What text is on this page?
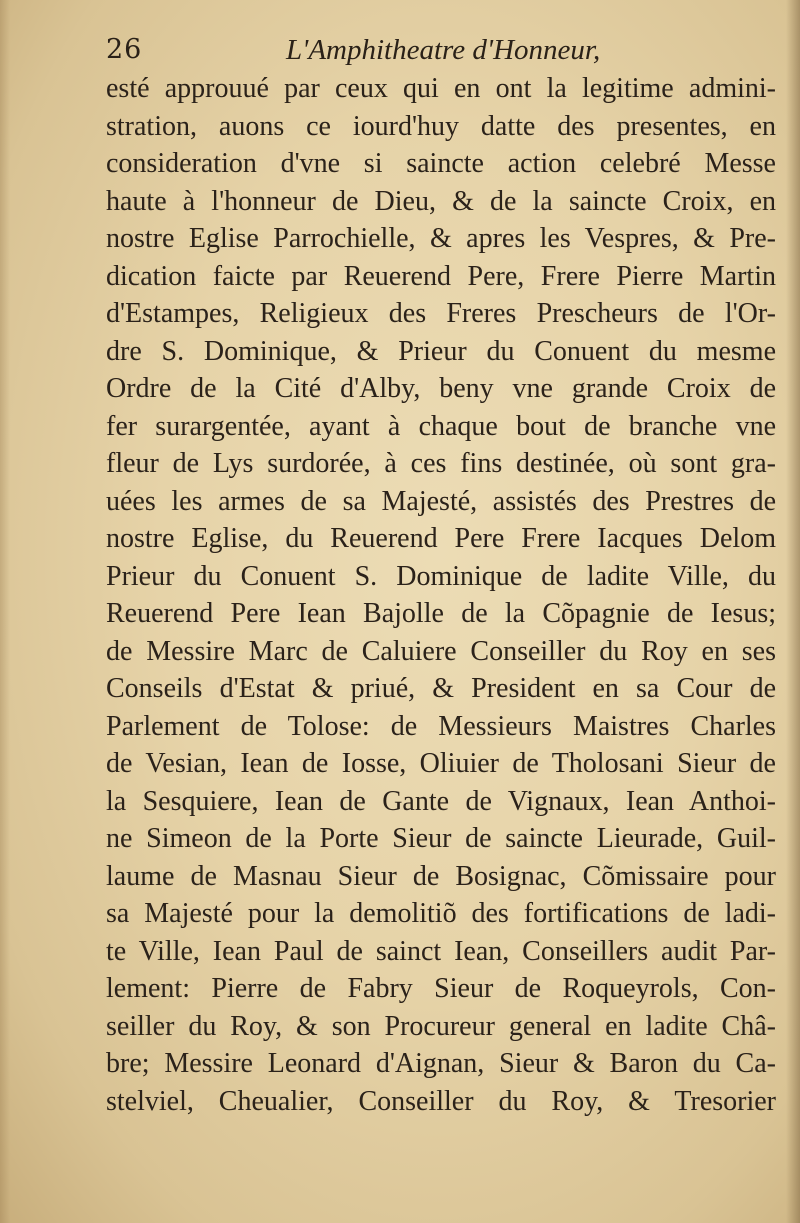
26	L'Amphitheatre d'Honneur,
esté approuué par ceux qui en ont la legitime admini-
stration, auons ce iourd'huy datte des presentes, en
consideration d'vne si saincte action celebré Messe
haute à l'honneur de Dieu, & de la saincte Croix, en
nostre Eglise Parrochielle, & apres les Vespres, & Pre-
dication faicte par Reuerend Pere, Frere Pierre Martin
d'Estampes, Religieux des Freres Prescheurs de l'Or-
dre S. Dominique, & Prieur du Conuent du mesme
Ordre de la Cité d'Alby, beny vne grande Croix de
fer surargentée, ayant à chaque bout de branche vne
fleur de Lys surdorée, à ces fins destinée, où sont gra-
uées les armes de sa Majesté, assistés des Prestres de
nostre Eglise, du Reuerend Pere Frere Iacques Delom
Prieur du Conuent S. Dominique de ladite Ville, du
Reuerend Pere Iean Bajolle de la Cõpagnie de Iesus;
de Messire Marc de Caluiere Conseiller du Roy en ses
Conseils d'Estat & priué, & President en sa Cour de
Parlement de Tolose: de Messieurs Maistres Charles
de Vesian, Iean de Iosse, Oliuier de Tholosani Sieur de
la Sesquiere, Iean de Gante de Vignaux, Iean Anthoi-
ne Simeon de la Porte Sieur de saincte Lieurade, Guil-
laume de Masnau Sieur de Bosignac, Cõmissaire pour
sa Majesté pour la demolitiõ des fortifications de ladi-
te Ville, Iean Paul de sainct Iean, Conseillers audit Par-
lement: Pierre de Fabry Sieur de Roqueyrols, Con-
seiller du Roy, & son Procureur general en ladite Châ-
bre; Messire Leonard d'Aignan, Sieur & Baron du Ca-
stelviel, Cheualier, Conseiller du Roy, & Tresorier
